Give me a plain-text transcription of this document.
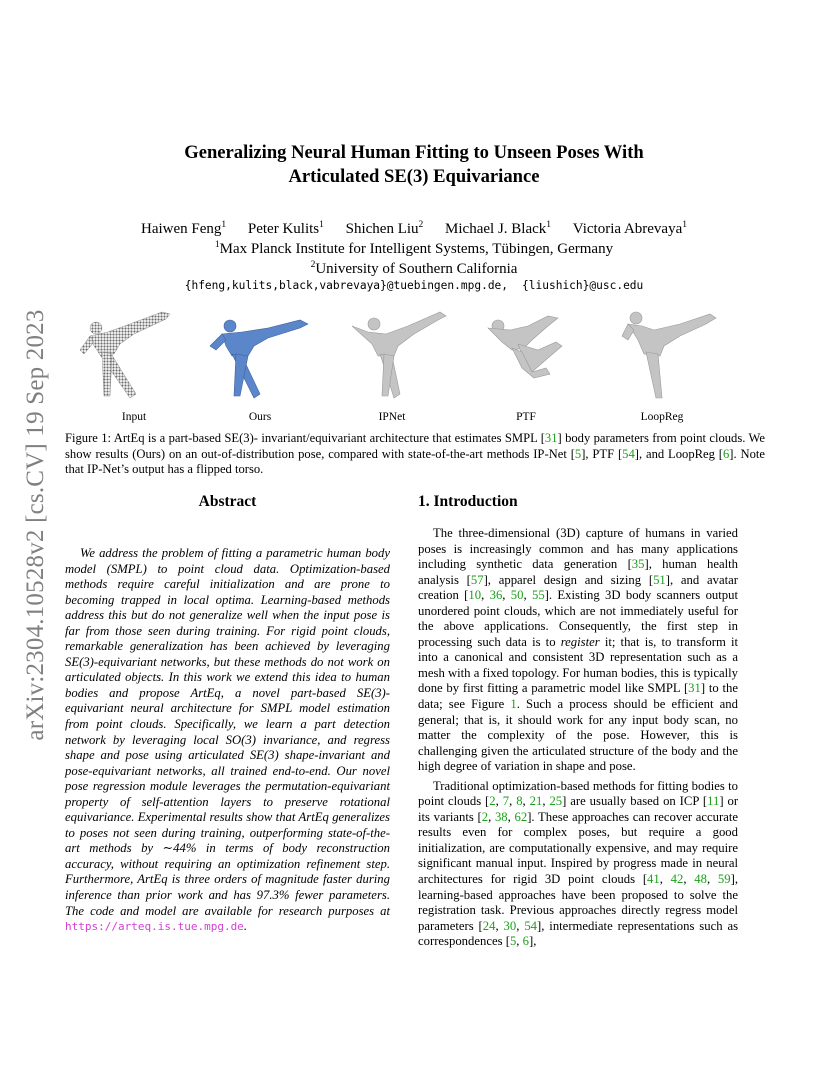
arXiv:2304.10528v2 [cs.CV] 19 Sep 2023
Generalizing Neural Human Fitting to Unseen Poses With
Articulated SE(3) Equivariance
Haiwen Feng$^1$ Peter Kulits$^1$ Shichen Liu$^2$ Michael J. Black$^1$ Victoria Abrevaya$^1$
$^1$Max Planck Institute for Intelligent Systems, Tübingen, Germany
$^2$University of Southern California
{hfeng,kulits,black,vabrevaya}@tuebingen.mpg.de, {liushich}@usc.edu
Input	Ours	IPNet	PTF	LoopReg
Figure 1: ArtEq is a part-based SE(3)- invariant/equivariant architecture that estimates SMPL [31] body parameters from point clouds. We show results (Ours) on an out-of-distribution pose, compared with state-of-the-art methods IP-Net [5], PTF [54], and LoopReg [6]. Note that IP-Net’s output has a flipped torso.
Abstract

We address the problem of fitting a parametric human body model (SMPL) to point cloud data. Optimization-based methods require careful initialization and are prone to becoming trapped in local optima. Learning-based methods address this but do not generalize well when the input pose is far from those seen during training. For rigid point clouds, remarkable generalization has been achieved by leveraging SE(3)-equivariant networks, but these methods do not work on articulated objects. In this work we extend this idea to human bodies and propose ArtEq, a novel part-based SE(3)-equivariant neural architecture for SMPL model estimation from point clouds. Specifically, we learn a part detection network by leveraging local SO(3) invariance, and regress shape and pose using articulated SE(3) shape-invariant and pose-equivariant networks, all trained end-to-end. Our novel pose regression module leverages the permutation-equivariant property of self-attention layers to preserve rotational equivariance. Experimental results show that ArtEq generalizes to poses not seen during training, outperforming state-of-the-art methods by ∼44% in terms of body reconstruction accuracy, without requiring an optimization refinement step. Furthermore, ArtEq is three orders of magnitude faster during inference than prior work and has 97.3% fewer parameters. The code and model are available for research purposes at https://arteq.is.tue.mpg.de.

1. Introduction

The three-dimensional (3D) capture of humans in varied poses is increasingly common and has many applications including synthetic data generation [35], human health analysis [57], apparel design and sizing [51], and avatar creation [10, 36, 50, 55]. Existing 3D body scanners output unordered point clouds, which are not immediately useful for the above applications. Consequently, the first step in processing such data is to register it; that is, to transform it into a canonical and consistent 3D representation such as a mesh with a fixed topology. For human bodies, this is typically done by first fitting a parametric model like SMPL [31] to the data; see Figure 1. Such a process should be efficient and general; that is, it should work for any input body scan, no matter the complexity of the pose. However, this is challenging given the articulated structure of the body and the high degree of variation in shape and pose.

Traditional optimization-based methods for fitting bodies to point clouds [2, 7, 8, 21, 25] are usually based on ICP [11] or its variants [2, 38, 62]. These approaches can recover accurate results even for complex poses, but require a good initialization, are computationally expensive, and may require significant manual input. Inspired by progress made in neural architectures for rigid 3D point clouds [41, 42, 48, 59], learning-based approaches have been proposed to solve the registration task. Previous approaches directly regress model parameters [24, 30, 54], intermediate representations such as correspondences [5, 6],
